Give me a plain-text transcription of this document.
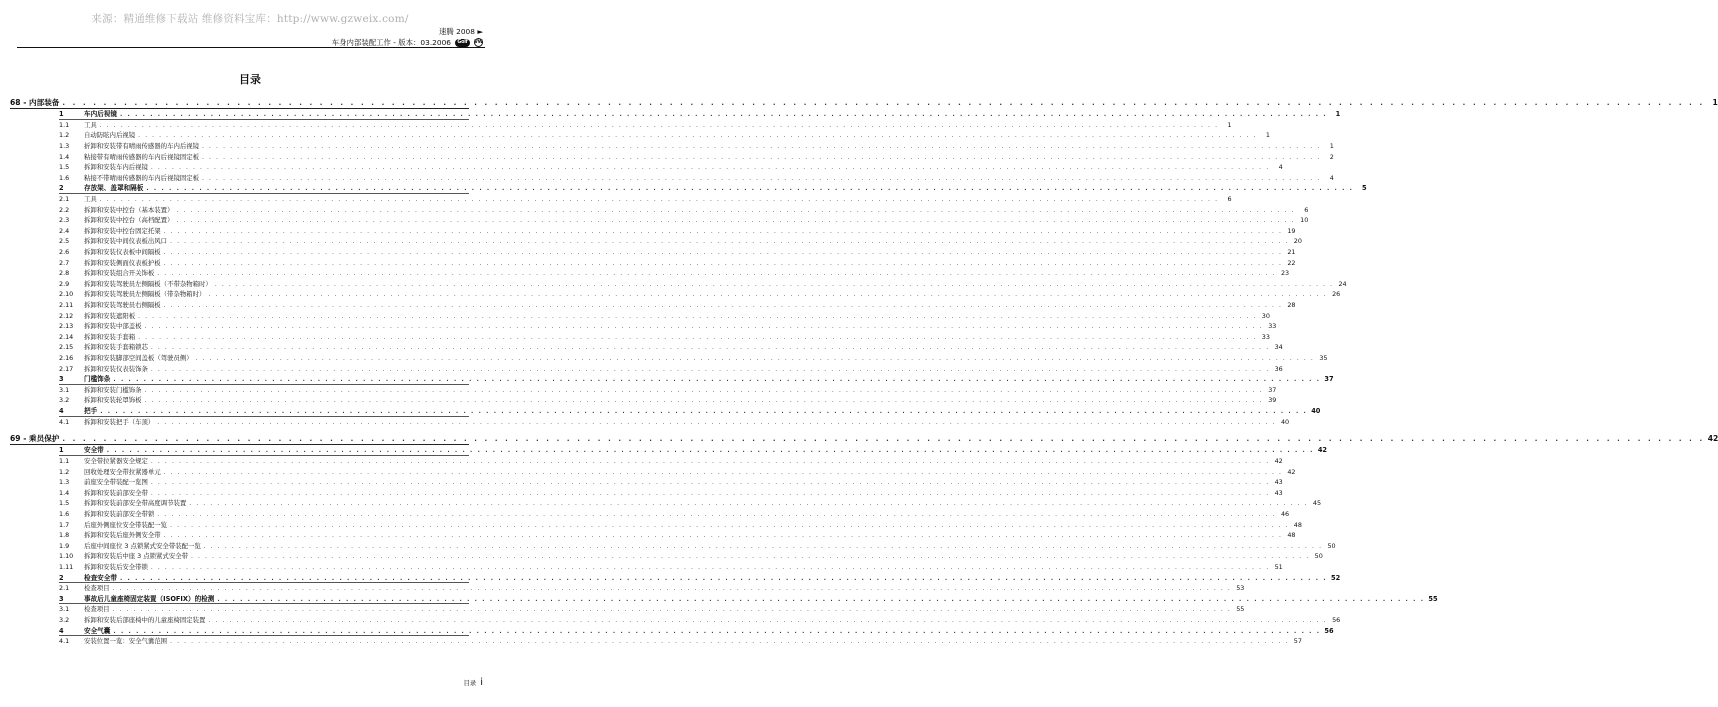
来源：精通维修下载站 维修资料宝库：http://www.gzweix.com/
速腾 2008 ►
车身内部装配工作 - 版本：03.2006	Golf	VW
目录
68 - 内部装备 . . . . . . . . . . . . . . . . . . . . . . . . . . . . . . . . . . . . . . . . . . . . . . . . . . . . . . . . . . . . . . . . . . . . . . . . . . . . . . . . . . . . . . . . . . . . . . . . . . . . . . . . . . . . . . . . . . . . . . . . . . . . . . . . . . . . . . . . . . . . . . . . . . . . . . . . . . . . . . . .	1
1	车内后视镜 . . . . . . . . . . . . . . . . . . . . . . . . . . . . . . . . . . . . . . . . . . . . . . . . . . . . . . . . . . . . . . . . . . . . . . . . . . . . . . . . . . . . . . . . . . . . . . . . . . . . . . . . . . . . . . . . . . . . . . . . . . . . . . . . . . . . . . . . . . . . . . . . . . . . . . . . . . . . . . . .	1
1.1	工具 . . . . . . . . . . . . . . . . . . . . . . . . . . . . . . . . . . . . . . . . . . . . . . . . . . . . . . . . . . . . . . . . . . . . . . . . . . . . . . . . . . . . . . . . . . . . . . . . . . . . . . . . . . . . . . . . . . . . . . . . . . . . . . . . . . . . . . . . . . . . . . . . . . . . . . . . . . . . . . . .	1
1.2	自动防眩内后视镜 . . . . . . . . . . . . . . . . . . . . . . . . . . . . . . . . . . . . . . . . . . . . . . . . . . . . . . . . . . . . . . . . . . . . . . . . . . . . . . . . . . . . . . . . . . . . . . . . . . . . . . . . . . . . . . . . . . . . . . . . . . . . . . . . . . . . . . . . . . . . . . . . . . . . . . . . . . . . . . . .	1
1.3	折卸和安装带有晴雨传感器的车内后视镜 . . . . . . . . . . . . . . . . . . . . . . . . . . . . . . . . . . . . . . . . . . . . . . . . . . . . . . . . . . . . . . . . . . . . . . . . . . . . . . . . . . . . . . . . . . . . . . . . . . . . . . . . . . . . . . . . . . . . . . . . . . . . . . . . . . . . . . . . . . . . . . . . . . . . . . . . . . . . . . . .	1
1.4	粘接带有晴雨传感器的车内后视镜固定板 . . . . . . . . . . . . . . . . . . . . . . . . . . . . . . . . . . . . . . . . . . . . . . . . . . . . . . . . . . . . . . . . . . . . . . . . . . . . . . . . . . . . . . . . . . . . . . . . . . . . . . . . . . . . . . . . . . . . . . . . . . . . . . . . . . . . . . . . . . . . . . . . . . . . . . . . . . . . . . . .	2
1.5	拆卸和安装车内后视镜 . . . . . . . . . . . . . . . . . . . . . . . . . . . . . . . . . . . . . . . . . . . . . . . . . . . . . . . . . . . . . . . . . . . . . . . . . . . . . . . . . . . . . . . . . . . . . . . . . . . . . . . . . . . . . . . . . . . . . . . . . . . . . . . . . . . . . . . . . . . . . . . . . . . . . . . . . . . . . . . .	4
1.6	粘接不带晴雨传感器的车内后视镜固定板 . . . . . . . . . . . . . . . . . . . . . . . . . . . . . . . . . . . . . . . . . . . . . . . . . . . . . . . . . . . . . . . . . . . . . . . . . . . . . . . . . . . . . . . . . . . . . . . . . . . . . . . . . . . . . . . . . . . . . . . . . . . . . . . . . . . . . . . . . . . . . . . . . . . . . . . . . . . . . . . .	4
2	存放架、盖罩和隔板 . . . . . . . . . . . . . . . . . . . . . . . . . . . . . . . . . . . . . . . . . . . . . . . . . . . . . . . . . . . . . . . . . . . . . . . . . . . . . . . . . . . . . . . . . . . . . . . . . . . . . . . . . . . . . . . . . . . . . . . . . . . . . . . . . . . . . . . . . . . . . . . . . . . . . . . . . . . . . . . .	5
2.1	工具 . . . . . . . . . . . . . . . . . . . . . . . . . . . . . . . . . . . . . . . . . . . . . . . . . . . . . . . . . . . . . . . . . . . . . . . . . . . . . . . . . . . . . . . . . . . . . . . . . . . . . . . . . . . . . . . . . . . . . . . . . . . . . . . . . . . . . . . . . . . . . . . . . . . . . . . . . . . . . . . .	6
2.2	拆卸和安装中控台（基本装置） . . . . . . . . . . . . . . . . . . . . . . . . . . . . . . . . . . . . . . . . . . . . . . . . . . . . . . . . . . . . . . . . . . . . . . . . . . . . . . . . . . . . . . . . . . . . . . . . . . . . . . . . . . . . . . . . . . . . . . . . . . . . . . . . . . . . . . . . . . . . . . . . . . . . . . . . . . . . . . . .	6
2.3	拆卸和安装中控台（高档配置） . . . . . . . . . . . . . . . . . . . . . . . . . . . . . . . . . . . . . . . . . . . . . . . . . . . . . . . . . . . . . . . . . . . . . . . . . . . . . . . . . . . . . . . . . . . . . . . . . . . . . . . . . . . . . . . . . . . . . . . . . . . . . . . . . . . . . . . . . . . . . . . . . . . . . . . . . . . . . . . . 10
2.4	拆卸和安装中控台固定托架 . . . . . . . . . . . . . . . . . . . . . . . . . . . . . . . . . . . . . . . . . . . . . . . . . . . . . . . . . . . . . . . . . . . . . . . . . . . . . . . . . . . . . . . . . . . . . . . . . . . . . . . . . . . . . . . . . . . . . . . . . . . . . . . . . . . . . . . . . . . . . . . . . . . . . . . . . . . . . . . . 19
2.5	拆卸和安装中间仪表板出风口 . . . . . . . . . . . . . . . . . . . . . . . . . . . . . . . . . . . . . . . . . . . . . . . . . . . . . . . . . . . . . . . . . . . . . . . . . . . . . . . . . . . . . . . . . . . . . . . . . . . . . . . . . . . . . . . . . . . . . . . . . . . . . . . . . . . . . . . . . . . . . . . . . . . . . . . . . . . . . . . . 20
2.6	拆卸和安装仪表板中间隔板 . . . . . . . . . . . . . . . . . . . . . . . . . . . . . . . . . . . . . . . . . . . . . . . . . . . . . . . . . . . . . . . . . . . . . . . . . . . . . . . . . . . . . . . . . . . . . . . . . . . . . . . . . . . . . . . . . . . . . . . . . . . . . . . . . . . . . . . . . . . . . . . . . . . . . . . . . . . . . . . . 21
2.7	拆卸和安装侧面仪表板护板 . . . . . . . . . . . . . . . . . . . . . . . . . . . . . . . . . . . . . . . . . . . . . . . . . . . . . . . . . . . . . . . . . . . . . . . . . . . . . . . . . . . . . . . . . . . . . . . . . . . . . . . . . . . . . . . . . . . . . . . . . . . . . . . . . . . . . . . . . . . . . . . . . . . . . . . . . . . . . . . . 22
2.8	拆卸和安装组合开关饰板 . . . . . . . . . . . . . . . . . . . . . . . . . . . . . . . . . . . . . . . . . . . . . . . . . . . . . . . . . . . . . . . . . . . . . . . . . . . . . . . . . . . . . . . . . . . . . . . . . . . . . . . . . . . . . . . . . . . . . . . . . . . . . . . . . . . . . . . . . . . . . . . . . . . . . . . . . . . . . . . . 23
2.9	拆卸和安装驾驶员左侧隔板（不带杂物箱时） . . . . . . . . . . . . . . . . . . . . . . . . . . . . . . . . . . . . . . . . . . . . . . . . . . . . . . . . . . . . . . . . . . . . . . . . . . . . . . . . . . . . . . . . . . . . . . . . . . . . . . . . . . . . . . . . . . . . . . . . . . . . . . . . . . . . . . . . . . . . . . . . . . . . . . . . . . . . . . . . 24
2.10	拆卸和安装驾驶员左侧隔板（带杂物箱时） . . . . . . . . . . . . . . . . . . . . . . . . . . . . . . . . . . . . . . . . . . . . . . . . . . . . . . . . . . . . . . . . . . . . . . . . . . . . . . . . . . . . . . . . . . . . . . . . . . . . . . . . . . . . . . . . . . . . . . . . . . . . . . . . . . . . . . . . . . . . . . . . . . . . . . . . . . . . . . . . 26
2.11	拆卸和安装驾驶员右侧隔板 . . . . . . . . . . . . . . . . . . . . . . . . . . . . . . . . . . . . . . . . . . . . . . . . . . . . . . . . . . . . . . . . . . . . . . . . . . . . . . . . . . . . . . . . . . . . . . . . . . . . . . . . . . . . . . . . . . . . . . . . . . . . . . . . . . . . . . . . . . . . . . . . . . . . . . . . . . . . . . . . 28
2.12	拆卸和安装遮阳板 . . . . . . . . . . . . . . . . . . . . . . . . . . . . . . . . . . . . . . . . . . . . . . . . . . . . . . . . . . . . . . . . . . . . . . . . . . . . . . . . . . . . . . . . . . . . . . . . . . . . . . . . . . . . . . . . . . . . . . . . . . . . . . . . . . . . . . . . . . . . . . . . . . . . . . . . . . . . . . . . 30
2.13	拆卸和安装中部盖板 . . . . . . . . . . . . . . . . . . . . . . . . . . . . . . . . . . . . . . . . . . . . . . . . . . . . . . . . . . . . . . . . . . . . . . . . . . . . . . . . . . . . . . . . . . . . . . . . . . . . . . . . . . . . . . . . . . . . . . . . . . . . . . . . . . . . . . . . . . . . . . . . . . . . . . . . . . . . . . . . 33
2.14	拆卸和安装手套箱 . . . . . . . . . . . . . . . . . . . . . . . . . . . . . . . . . . . . . . . . . . . . . . . . . . . . . . . . . . . . . . . . . . . . . . . . . . . . . . . . . . . . . . . . . . . . . . . . . . . . . . . . . . . . . . . . . . . . . . . . . . . . . . . . . . . . . . . . . . . . . . . . . . . . . . . . . . . . . . . . 33
2.15	拆卸和安装手套箱锁芯 . . . . . . . . . . . . . . . . . . . . . . . . . . . . . . . . . . . . . . . . . . . . . . . . . . . . . . . . . . . . . . . . . . . . . . . . . . . . . . . . . . . . . . . . . . . . . . . . . . . . . . . . . . . . . . . . . . . . . . . . . . . . . . . . . . . . . . . . . . . . . . . . . . . . . . . . . . . . . . . . 34
2.16	拆卸和安装脚部空间盖板（驾驶员侧） . . . . . . . . . . . . . . . . . . . . . . . . . . . . . . . . . . . . . . . . . . . . . . . . . . . . . . . . . . . . . . . . . . . . . . . . . . . . . . . . . . . . . . . . . . . . . . . . . . . . . . . . . . . . . . . . . . . . . . . . . . . . . . . . . . . . . . . . . . . . . . . . . . . . . . . . . . . . . . . . 35
2.17	拆卸和安装仪表装饰条 . . . . . . . . . . . . . . . . . . . . . . . . . . . . . . . . . . . . . . . . . . . . . . . . . . . . . . . . . . . . . . . . . . . . . . . . . . . . . . . . . . . . . . . . . . . . . . . . . . . . . . . . . . . . . . . . . . . . . . . . . . . . . . . . . . . . . . . . . . . . . . . . . . . . . . . . . . . . . . . . 36
3	门槛饰条 . . . . . . . . . . . . . . . . . . . . . . . . . . . . . . . . . . . . . . . . . . . . . . . . . . . . . . . . . . . . . . . . . . . . . . . . . . . . . . . . . . . . . . . . . . . . . . . . . . . . . . . . . . . . . . . . . . . . . . . . . . . . . . . . . . . . . . . . . . . . . . . . . . . . . . . . . . . . . . . . 37
3.1	拆卸和安装门槛饰条 . . . . . . . . . . . . . . . . . . . . . . . . . . . . . . . . . . . . . . . . . . . . . . . . . . . . . . . . . . . . . . . . . . . . . . . . . . . . . . . . . . . . . . . . . . . . . . . . . . . . . . . . . . . . . . . . . . . . . . . . . . . . . . . . . . . . . . . . . . . . . . . . . . . . . . . . . . . . . . . . 37
3.2	拆卸和安装轮罩饰板 . . . . . . . . . . . . . . . . . . . . . . . . . . . . . . . . . . . . . . . . . . . . . . . . . . . . . . . . . . . . . . . . . . . . . . . . . . . . . . . . . . . . . . . . . . . . . . . . . . . . . . . . . . . . . . . . . . . . . . . . . . . . . . . . . . . . . . . . . . . . . . . . . . . . . . . . . . . . . . . . 39
4	把手 . . . . . . . . . . . . . . . . . . . . . . . . . . . . . . . . . . . . . . . . . . . . . . . . . . . . . . . . . . . . . . . . . . . . . . . . . . . . . . . . . . . . . . . . . . . . . . . . . . . . . . . . . . . . . . . . . . . . . . . . . . . . . . . . . . . . . . . . . . . . . . . . . . . . . . . . . . . . . . . . 40
4.1	拆卸和安装把手（车顶） . . . . . . . . . . . . . . . . . . . . . . . . . . . . . . . . . . . . . . . . . . . . . . . . . . . . . . . . . . . . . . . . . . . . . . . . . . . . . . . . . . . . . . . . . . . . . . . . . . . . . . . . . . . . . . . . . . . . . . . . . . . . . . . . . . . . . . . . . . . . . . . . . . . . . . . . . . . . . . . . 40
69 - 乘员保护 . . . . . . . . . . . . . . . . . . . . . . . . . . . . . . . . . . . . . . . . . . . . . . . . . . . . . . . . . . . . . . . . . . . . . . . . . . . . . . . . . . . . . . . . . . . . . . . . . . . . . . . . . . . . . . . . . . . . . . . . . . . . . . . . . . . . . . . . . . . . . . . . . . . . . . . . . . . . . . . . 42
1	安全带 . . . . . . . . . . . . . . . . . . . . . . . . . . . . . . . . . . . . . . . . . . . . . . . . . . . . . . . . . . . . . . . . . . . . . . . . . . . . . . . . . . . . . . . . . . . . . . . . . . . . . . . . . . . . . . . . . . . . . . . . . . . . . . . . . . . . . . . . . . . . . . . . . . . . . . . . . . . . . . . . 42
1.1	安全带拉紧器安全规定 . . . . . . . . . . . . . . . . . . . . . . . . . . . . . . . . . . . . . . . . . . . . . . . . . . . . . . . . . . . . . . . . . . . . . . . . . . . . . . . . . . . . . . . . . . . . . . . . . . . . . . . . . . . . . . . . . . . . . . . . . . . . . . . . . . . . . . . . . . . . . . . . . . . . . . . . . . . . . . . . 42
1.2	回收处理安全带拉紧器单元 . . . . . . . . . . . . . . . . . . . . . . . . . . . . . . . . . . . . . . . . . . . . . . . . . . . . . . . . . . . . . . . . . . . . . . . . . . . . . . . . . . . . . . . . . . . . . . . . . . . . . . . . . . . . . . . . . . . . . . . . . . . . . . . . . . . . . . . . . . . . . . . . . . . . . . . . . . . . . . . . 42
1.3	前座安全带装配一览图 . . . . . . . . . . . . . . . . . . . . . . . . . . . . . . . . . . . . . . . . . . . . . . . . . . . . . . . . . . . . . . . . . . . . . . . . . . . . . . . . . . . . . . . . . . . . . . . . . . . . . . . . . . . . . . . . . . . . . . . . . . . . . . . . . . . . . . . . . . . . . . . . . . . . . . . . . . . . . . . . 43
1.4	拆卸和安装前部安全带 . . . . . . . . . . . . . . . . . . . . . . . . . . . . . . . . . . . . . . . . . . . . . . . . . . . . . . . . . . . . . . . . . . . . . . . . . . . . . . . . . . . . . . . . . . . . . . . . . . . . . . . . . . . . . . . . . . . . . . . . . . . . . . . . . . . . . . . . . . . . . . . . . . . . . . . . . . . . . . . . 43
1.5	拆卸和安装前部安全带高度调节装置 . . . . . . . . . . . . . . . . . . . . . . . . . . . . . . . . . . . . . . . . . . . . . . . . . . . . . . . . . . . . . . . . . . . . . . . . . . . . . . . . . . . . . . . . . . . . . . . . . . . . . . . . . . . . . . . . . . . . . . . . . . . . . . . . . . . . . . . . . . . . . . . . . . . . . . . . . . . . . . . . 45
1.6	拆卸和安装前部安全带锁 . . . . . . . . . . . . . . . . . . . . . . . . . . . . . . . . . . . . . . . . . . . . . . . . . . . . . . . . . . . . . . . . . . . . . . . . . . . . . . . . . . . . . . . . . . . . . . . . . . . . . . . . . . . . . . . . . . . . . . . . . . . . . . . . . . . . . . . . . . . . . . . . . . . . . . . . . . . . . . . . 46
1.7	后座外侧座位安全带装配一览 . . . . . . . . . . . . . . . . . . . . . . . . . . . . . . . . . . . . . . . . . . . . . . . . . . . . . . . . . . . . . . . . . . . . . . . . . . . . . . . . . . . . . . . . . . . . . . . . . . . . . . . . . . . . . . . . . . . . . . . . . . . . . . . . . . . . . . . . . . . . . . . . . . . . . . . . . . . . . . . . 48
1.8	拆卸和安装后座外侧安全带 . . . . . . . . . . . . . . . . . . . . . . . . . . . . . . . . . . . . . . . . . . . . . . . . . . . . . . . . . . . . . . . . . . . . . . . . . . . . . . . . . . . . . . . . . . . . . . . . . . . . . . . . . . . . . . . . . . . . . . . . . . . . . . . . . . . . . . . . . . . . . . . . . . . . . . . . . . . . . . . . 48
1.9	后座中间座位 3 点锁紧式安全带装配一览 . . . . . . . . . . . . . . . . . . . . . . . . . . . . . . . . . . . . . . . . . . . . . . . . . . . . . . . . . . . . . . . . . . . . . . . . . . . . . . . . . . . . . . . . . . . . . . . . . . . . . . . . . . . . . . . . . . . . . . . . . . . . . . . . . . . . . . . . . . . . . . . . . . . . . . . . . . . . . . . . 50
1.10	拆卸和安装后中座 3 点锁紧式安全带 . . . . . . . . . . . . . . . . . . . . . . . . . . . . . . . . . . . . . . . . . . . . . . . . . . . . . . . . . . . . . . . . . . . . . . . . . . . . . . . . . . . . . . . . . . . . . . . . . . . . . . . . . . . . . . . . . . . . . . . . . . . . . . . . . . . . . . . . . . . . . . . . . . . . . . . . . . . . . . . . 50
1.11	拆卸和安装后安全带锁 . . . . . . . . . . . . . . . . . . . . . . . . . . . . . . . . . . . . . . . . . . . . . . . . . . . . . . . . . . . . . . . . . . . . . . . . . . . . . . . . . . . . . . . . . . . . . . . . . . . . . . . . . . . . . . . . . . . . . . . . . . . . . . . . . . . . . . . . . . . . . . . . . . . . . . . . . . . . . . . . 51
2	检查安全带 . . . . . . . . . . . . . . . . . . . . . . . . . . . . . . . . . . . . . . . . . . . . . . . . . . . . . . . . . . . . . . . . . . . . . . . . . . . . . . . . . . . . . . . . . . . . . . . . . . . . . . . . . . . . . . . . . . . . . . . . . . . . . . . . . . . . . . . . . . . . . . . . . . . . . . . . . . . . . . . . 52
2.1	检查项目 . . . . . . . . . . . . . . . . . . . . . . . . . . . . . . . . . . . . . . . . . . . . . . . . . . . . . . . . . . . . . . . . . . . . . . . . . . . . . . . . . . . . . . . . . . . . . . . . . . . . . . . . . . . . . . . . . . . . . . . . . . . . . . . . . . . . . . . . . . . . . . . . . . . . . . . . . . . . . . . . 53
3	事故后儿童座椅固定装置（ISOFIX）的检测 . . . . . . . . . . . . . . . . . . . . . . . . . . . . . . . . . . . . . . . . . . . . . . . . . . . . . . . . . . . . . . . . . . . . . . . . . . . . . . . . . . . . . . . . . . . . . . . . . . . . . . . . . . . . . . . . . . . . . . . . . . . . . . . . . . . . . . . . . . . . . . . . . . . . . . . . . . . . . . . . 55
3.1	检查项目 . . . . . . . . . . . . . . . . . . . . . . . . . . . . . . . . . . . . . . . . . . . . . . . . . . . . . . . . . . . . . . . . . . . . . . . . . . . . . . . . . . . . . . . . . . . . . . . . . . . . . . . . . . . . . . . . . . . . . . . . . . . . . . . . . . . . . . . . . . . . . . . . . . . . . . . . . . . . . . . . 55
3.2	拆卸和安装后部座椅中的儿童座椅固定装置 . . . . . . . . . . . . . . . . . . . . . . . . . . . . . . . . . . . . . . . . . . . . . . . . . . . . . . . . . . . . . . . . . . . . . . . . . . . . . . . . . . . . . . . . . . . . . . . . . . . . . . . . . . . . . . . . . . . . . . . . . . . . . . . . . . . . . . . . . . . . . . . . . . . . . . . . . . . . . . . . 56
4	安全气囊 . . . . . . . . . . . . . . . . . . . . . . . . . . . . . . . . . . . . . . . . . . . . . . . . . . . . . . . . . . . . . . . . . . . . . . . . . . . . . . . . . . . . . . . . . . . . . . . . . . . . . . . . . . . . . . . . . . . . . . . . . . . . . . . . . . . . . . . . . . . . . . . . . . . . . . . . . . . . . . . . 56
4.1	安装位置一览：安全气囊范围 . . . . . . . . . . . . . . . . . . . . . . . . . . . . . . . . . . . . . . . . . . . . . . . . . . . . . . . . . . . . . . . . . . . . . . . . . . . . . . . . . . . . . . . . . . . . . . . . . . . . . . . . . . . . . . . . . . . . . . . . . . . . . . . . . . . . . . . . . . . . . . . . . . . . . . . . . . . . . . . . 57
目录 i
